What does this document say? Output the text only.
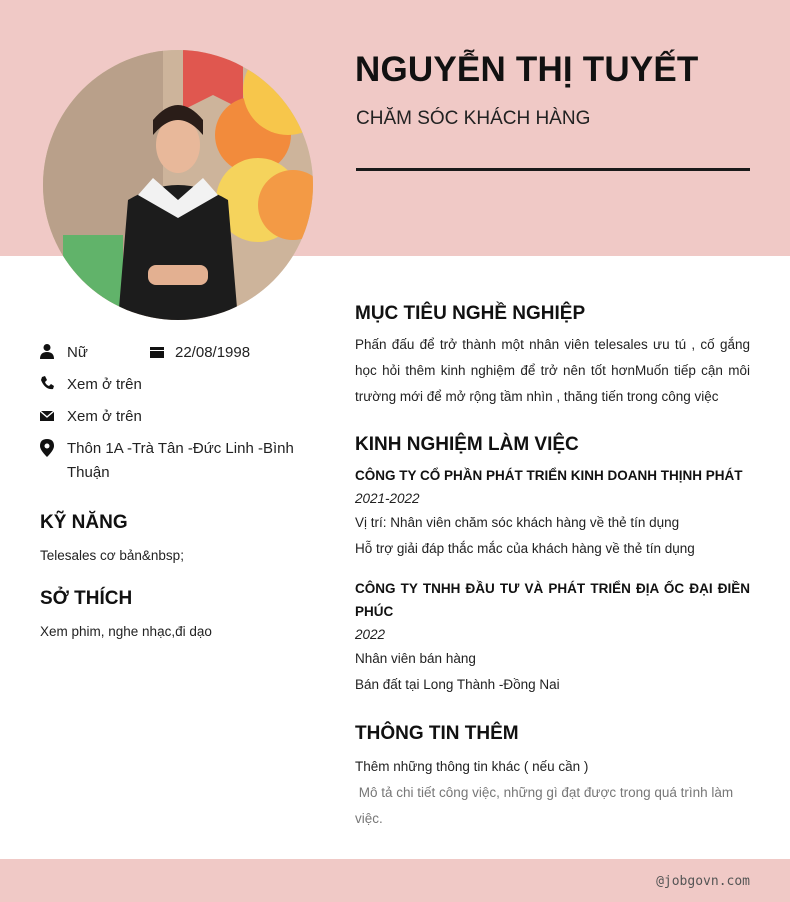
NGUYỄN THỊ TUYẾT
CHĂM SÓC KHÁCH HÀNG
Nữ	22/08/1998
Xem ở trên
Xem ở trên
Thôn 1A -Trà Tân -Đức Linh -Bình Thuận
KỸ NĂNG
Telesales cơ bản&nbsp;
SỞ THÍCH
Xem phim, nghe nhạc,đi dạo
MỤC TIÊU NGHỀ NGHIỆP
Phấn đấu để trở thành một nhân viên telesales ưu tú , cố gắng học hỏi thêm kinh nghiệm để trở nên tốt hơnMuốn tiếp cận môi trường mới để mở rộng tầm nhìn , thăng tiến trong công việc
KINH NGHIỆM LÀM VIỆC
CÔNG TY CỔ PHẦN PHÁT TRIỂN KINH DOANH THỊNH PHÁT
2021-2022
Vị trí: Nhân viên chăm sóc khách hàng về thẻ tín dụng
Hỗ trợ giải đáp thắc mắc của khách hàng về thẻ tín dụng
CÔNG TY TNHH ĐẦU TƯ VÀ PHÁT TRIỂN ĐỊA ỐC ĐẠI ĐIỀN PHÚC
2022
Nhân viên bán hàng
Bán đất tại Long Thành -Đồng Nai
THÔNG TIN THÊM
Thêm những thông tin khác ( nếu cần )
Mô tả chi tiết công việc, những gì đạt được trong quá trình làm việc.
@jobgovn.com
